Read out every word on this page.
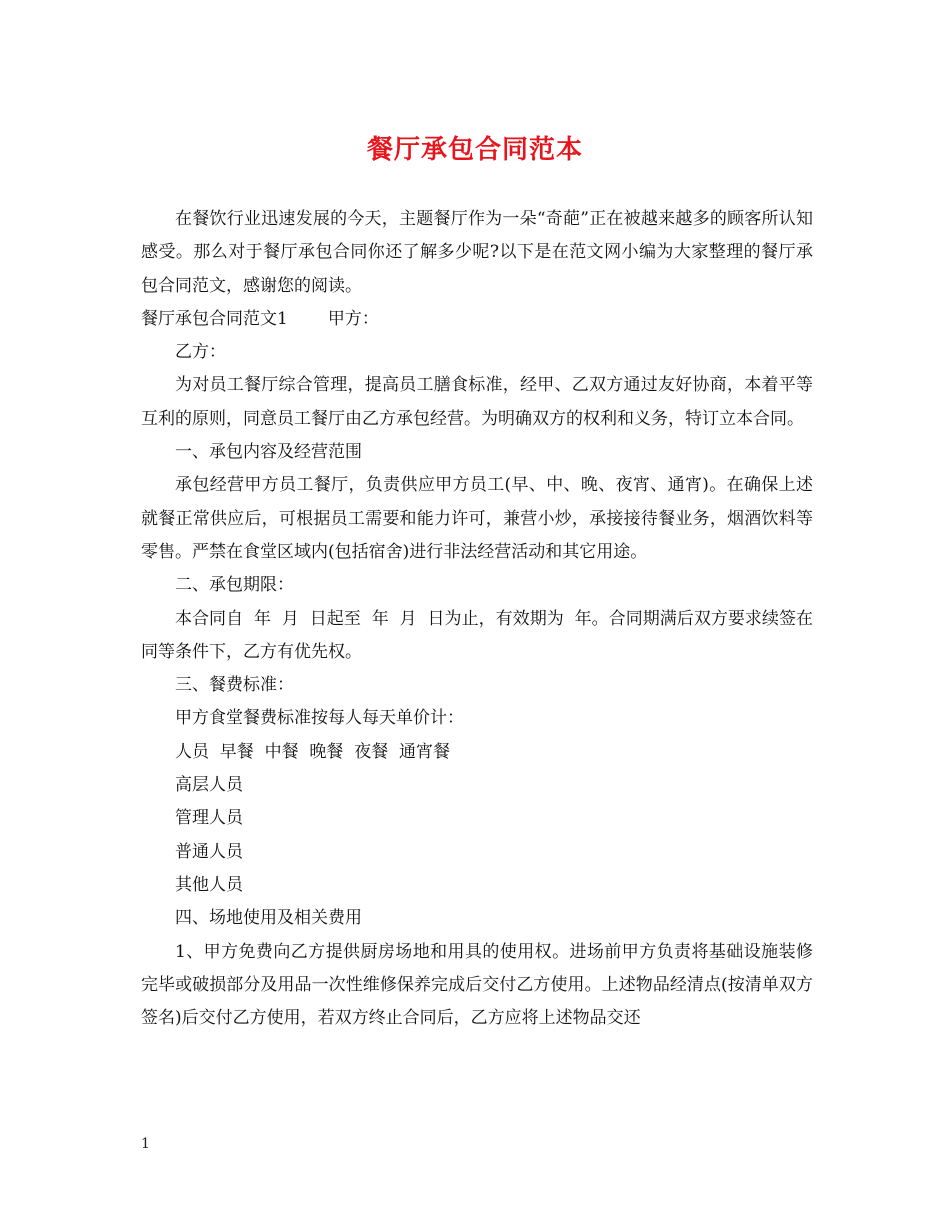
餐厅承包合同范本

在餐饮行业迅速发展的今天，主题餐厅作为一朵“奇葩”正在被越来越多的顾客所认知感受。那么对于餐厅承包合同你还了解多少呢?以下是在范文网小编为大家整理的餐厅承包合同范文，感谢您的阅读。

餐厅承包合同范文1 甲方：

乙方：

为对员工餐厅综合管理，提高员工膳食标准，经甲、乙双方通过友好协商，本着平等互利的原则，同意员工餐厅由乙方承包经营。为明确双方的权利和义务，特订立本合同。

一、承包内容及经营范围

承包经营甲方员工餐厅，负责供应甲方员工(早、中、晚、夜宵、通宵)。在确保上述就餐正常供应后，可根据员工需要和能力许可，兼营小炒，承接接待餐业务，烟酒饮料等零售。严禁在食堂区域内(包括宿舍)进行非法经营活动和其它用途。

二、承包期限：

本合同自  年  月  日起至  年  月  日为止，有效期为  年。合同期满后双方要求续签在同等条件下，乙方有优先权。

三、餐费标准：

甲方食堂餐费标准按每人每天单价计：

人员  早餐  中餐  晚餐  夜餐  通宵餐

高层人员

管理人员

普通人员

其他人员

四、场地使用及相关费用

1、甲方免费向乙方提供厨房场地和用具的使用权。进场前甲方负责将基础设施装修完毕或破损部分及用品一次性维修保养完成后交付乙方使用。上述物品经清点(按清单双方签名)后交付乙方使用，若双方终止合同后，乙方应将上述物品交还

1
